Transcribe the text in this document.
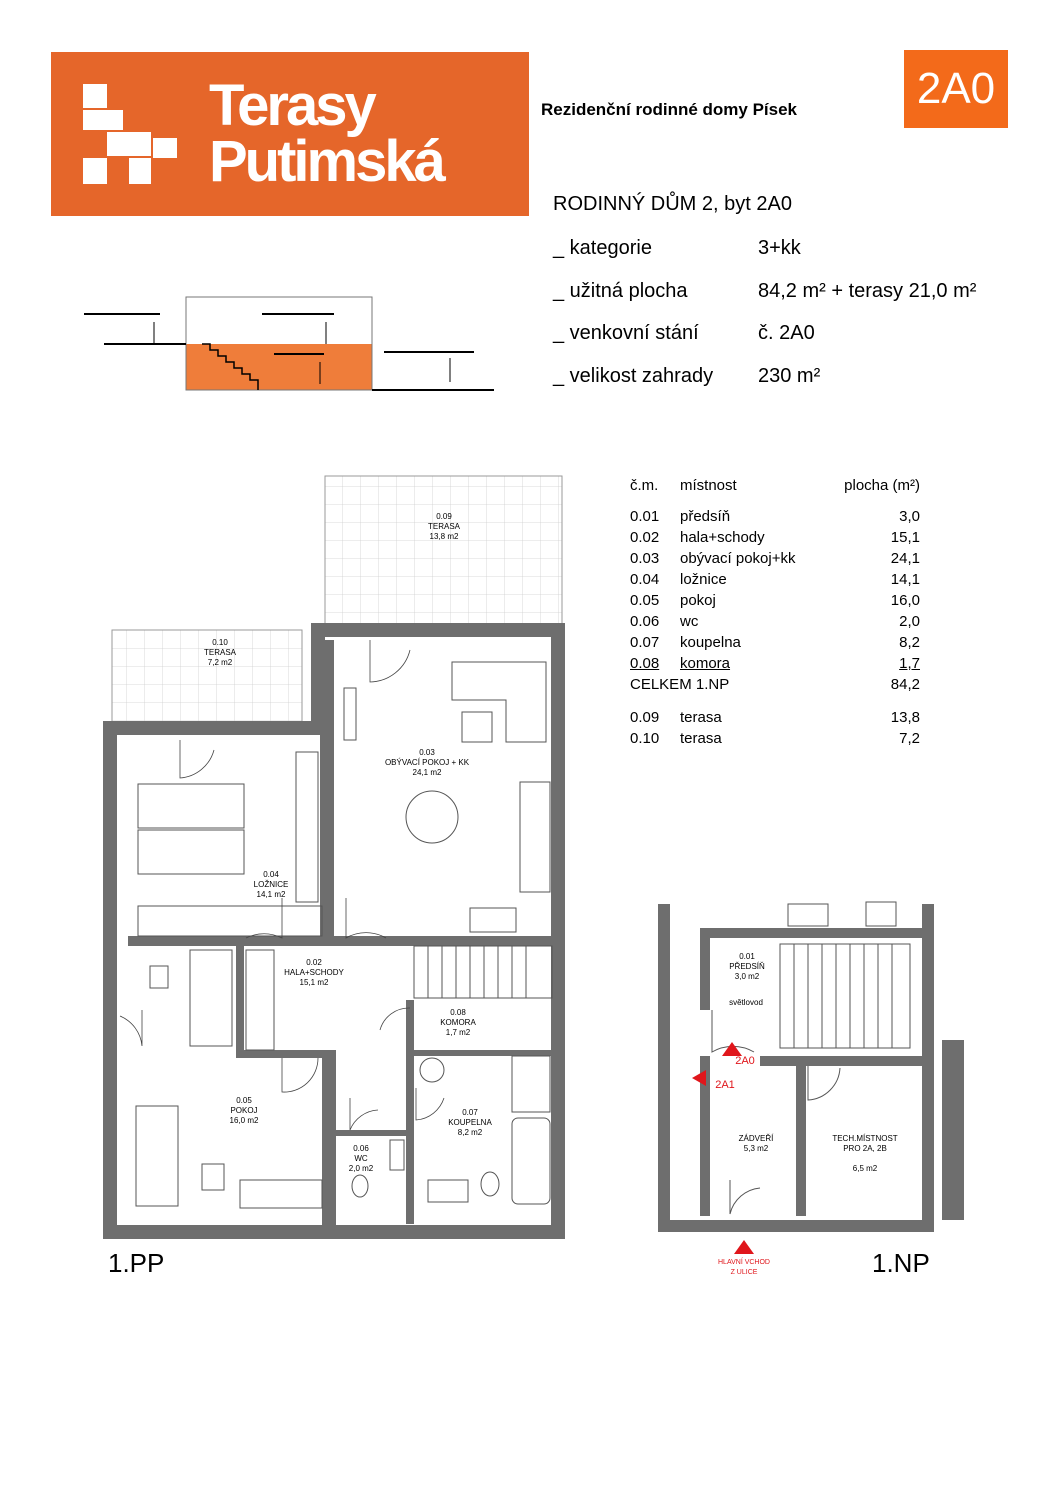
Terasy
Putimská
2A0
Rezidenční rodinné domy Písek
RODINNÝ DŮM 2, byt 2A0
_ kategorie	3+kk
_ užitná plocha	84,2 m² + terasy 21,0 m²
_ venkovní stání	č. 2A0
_ velikost zahrady 230 m²
č.m. místnost	plocha (m²)
0.01 předsíň	3,0
0.02 hala+schody	15,1
0.03 obývací pokoj+kk	24,1
0.04 ložnice	14,1
0.05 pokoj	16,0
0.06 wc	2,0
0.07 koupelna	8,2
0.08 komora	1,7
CELKEM 1.NP	84,2
0.09 terasa	13,8
0.10 terasa	7,2
0.09
TERASA
13,8 m2
0.10
TERASA
7,2 m2
0.03
OBÝVACÍ POKOJ + KK
24,1 m2
0.04
LOŽNICE
14,1 m2
0.02
HALA+SCHODY
15,1 m2
0.08
KOMORA
1,7 m2
0.05
POKOJ
16,0 m2
0.07
KOUPELNA
8,2 m2
0.06
WC
2,0 m2
1.PP
0.01
PŘEDSÍŇ
3,0 m2
světlovod
2A0
2A1
ZÁDVEŘÍ
5,3 m2
TECH.MÍSTNOST
PRO 2A, 2B
6,5 m2
HLAVNÍ VCHOD
Z ULICE	1.NP
